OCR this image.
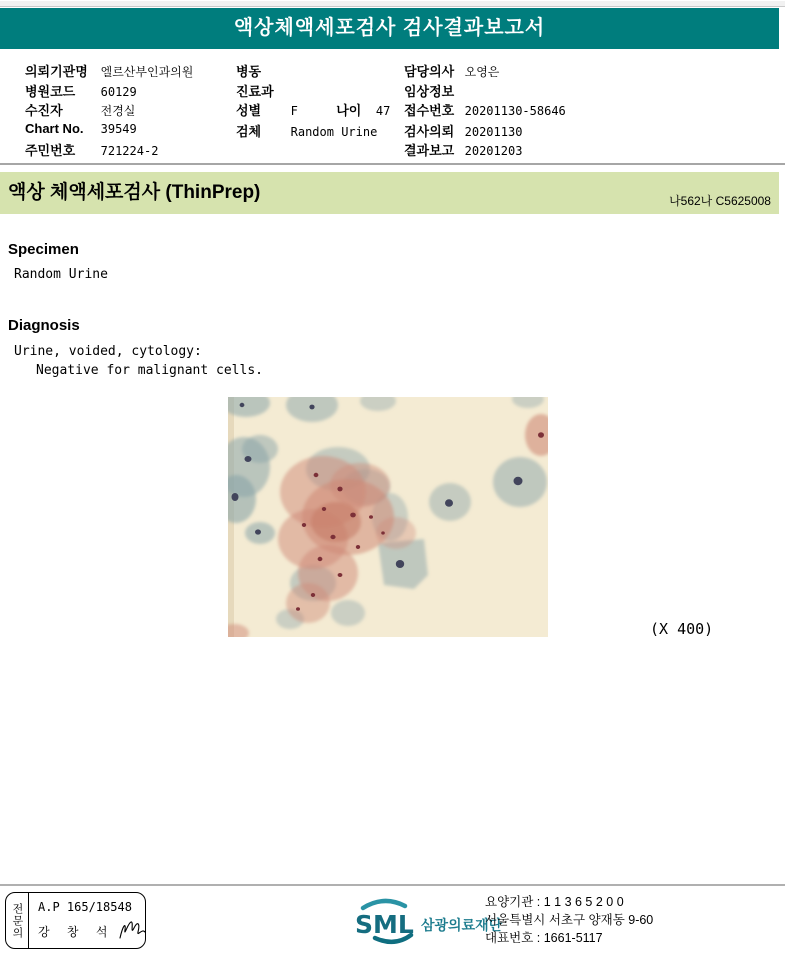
액상체액세포검사 검사결과보고서
의뢰기관명 엘르산부인과의원
병원코드 60129
수진자	전경실
Chart No. 39549
주민번호 721224-2
병동
진료과
성별 F	나이 47
검체 Random Urine
담당의사 오영은
임상정보
접수번호 20201130-58646
검사의뢰 20201130
결과보고 20201203
액상 체액세포검사 (ThinPrep)	나562나 C5625008
Specimen
Random Urine
Diagnosis
Urine, voided, cytology:
Negative for malignant cells.
(X 400)
전문의	A.P 165/18548
강 창 석	SML 삼광의료재단
요양기관 : 1 1 3 6 5 2 0 0
서울특별시 서초구 양재동 9-60
대표번호 : 1661-5117
